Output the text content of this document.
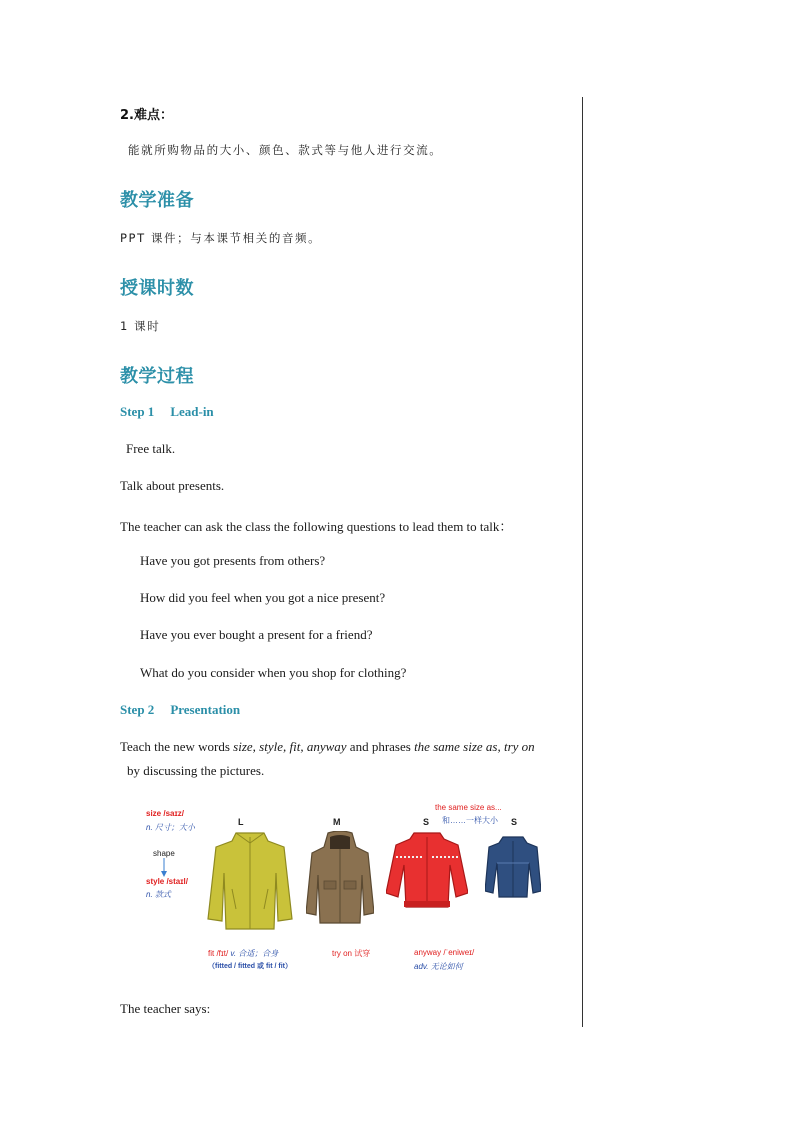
2.难点：
能就所购物品的大小、颜色、款式等与他人进行交流。
教学准备
PPT 课件；与本课节相关的音频。
授课时数
1 课时
教学过程
Step 1 Lead-in
Free talk.
Talk about presents.
The teacher can ask the class the following questions to lead them to talk：
Have you got presents from others?
How did you feel when you got a nice present?
Have you ever bought a present for a friend?
What do you consider when you shop for clothing?
Step 2 Presentation
Teach the new words size, style, fit, anyway and phrases the same size as, try on
by discussing the pictures.
size /saɪz/
n. 尺寸；大小
shape
style /staɪl/
n. 款式
L	M	S	S
the same size as...
和……一样大小
fit /fɪt/ v. 合适；合身
（fitted / fitted 或 fit / fit）
try on 试穿	anyway /ˈeniweɪ/
adv. 无论如何
The teacher says:
